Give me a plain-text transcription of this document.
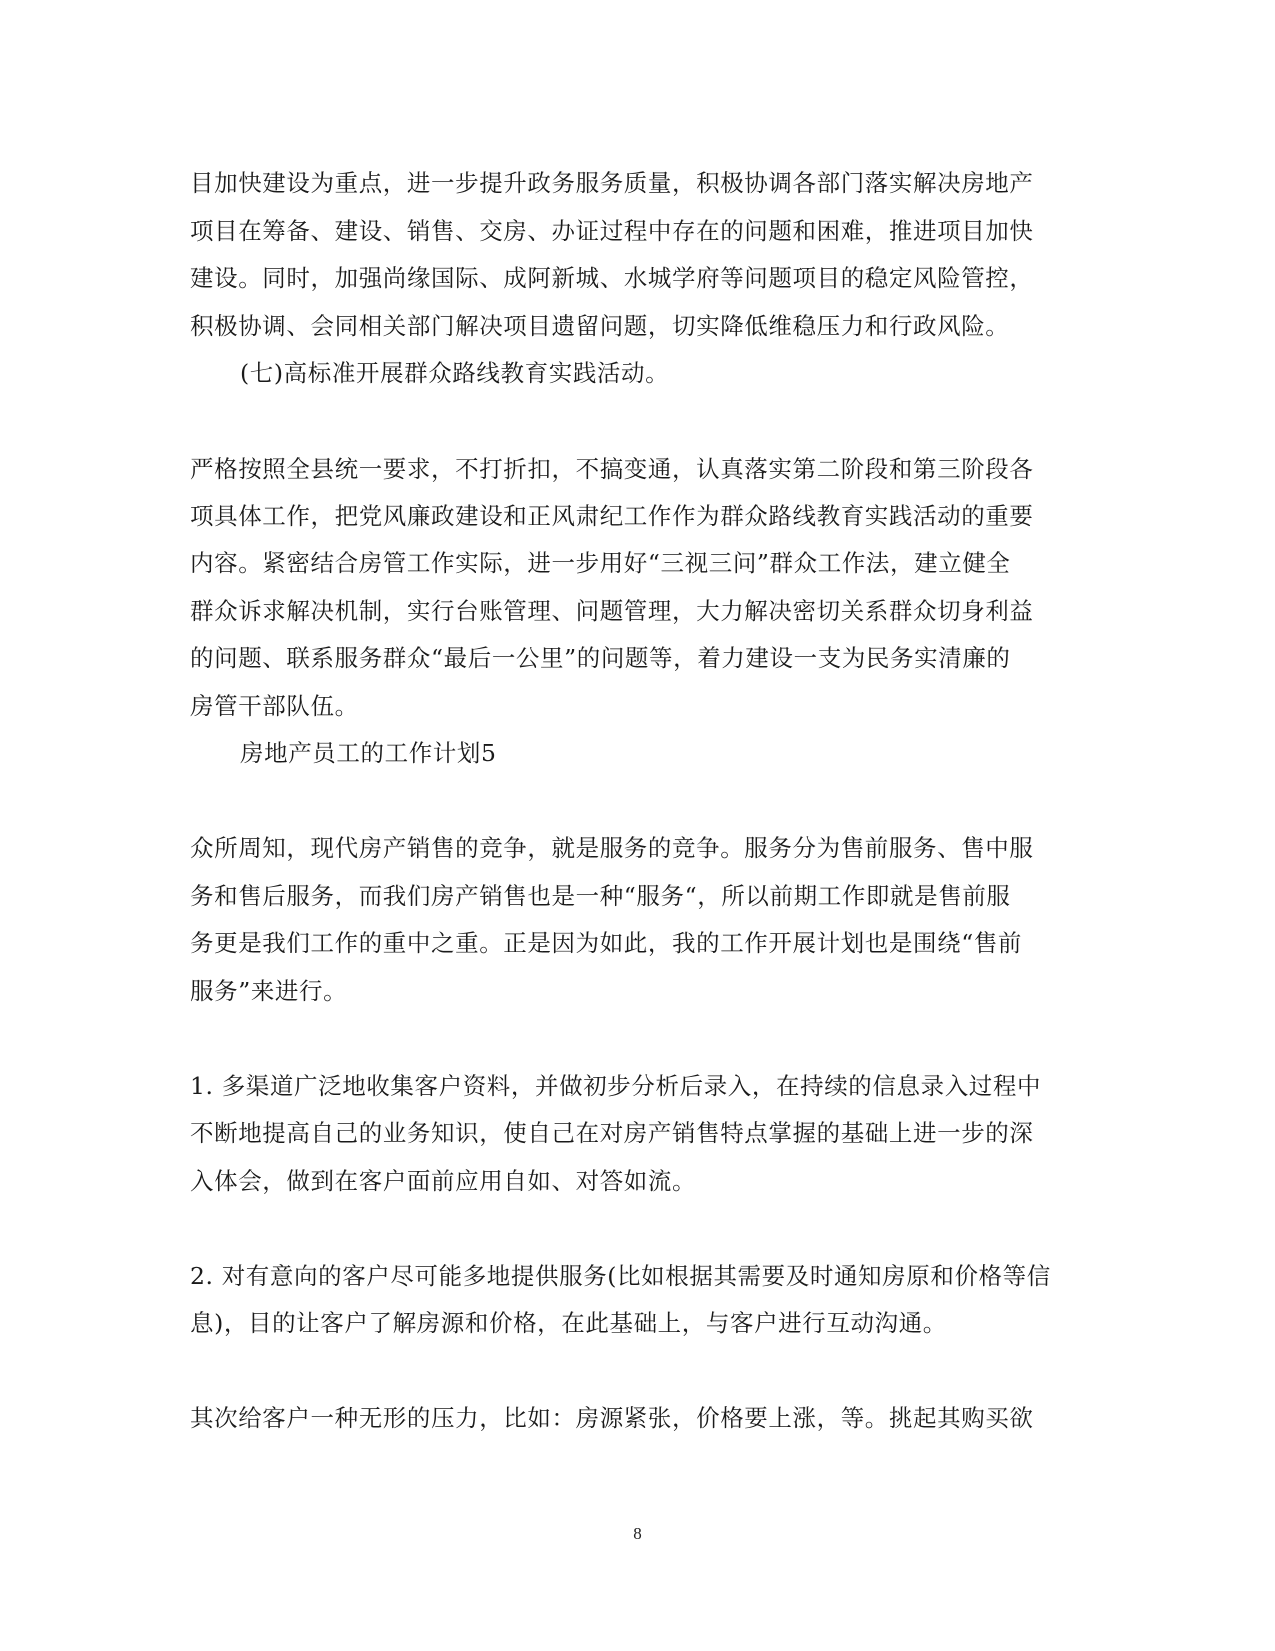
目加快建设为重点，进一步提升政务服务质量，积极协调各部门落实解决房地产
项目在筹备、建设、销售、交房、办证过程中存在的问题和困难，推进项目加快
建设。同时，加强尚缘国际、成阿新城、水城学府等问题项目的稳定风险管控，
积极协调、会同相关部门解决项目遗留问题，切实降低维稳压力和行政风险。
(七)高标准开展群众路线教育实践活动。
严格按照全县统一要求，不打折扣，不搞变通，认真落实第二阶段和第三阶段各
项具体工作，把党风廉政建设和正风肃纪工作作为群众路线教育实践活动的重要
内容。紧密结合房管工作实际，进一步用好“三视三问”群众工作法，建立健全
群众诉求解决机制，实行台账管理、问题管理，大力解决密切关系群众切身利益
的问题、联系服务群众“最后一公里”的问题等，着力建设一支为民务实清廉的
房管干部队伍。
房地产员工的工作计划5
众所周知，现代房产销售的竞争，就是服务的竞争。服务分为售前服务、售中服
务和售后服务，而我们房产销售也是一种“服务“，所以前期工作即就是售前服
务更是我们工作的重中之重。正是因为如此，我的工作开展计划也是围绕“售前
服务”来进行。
1. 多渠道广泛地收集客户资料，并做初步分析后录入，在持续的信息录入过程中
不断地提高自己的业务知识，使自己在对房产销售特点掌握的基础上进一步的深
入体会，做到在客户面前应用自如、对答如流。
2. 对有意向的客户尽可能多地提供服务(比如根据其需要及时通知房原和价格等信
息)，目的让客户了解房源和价格，在此基础上，与客户进行互动沟通。
其次给客户一种无形的压力，比如：房源紧张，价格要上涨，等。挑起其购买欲
8
